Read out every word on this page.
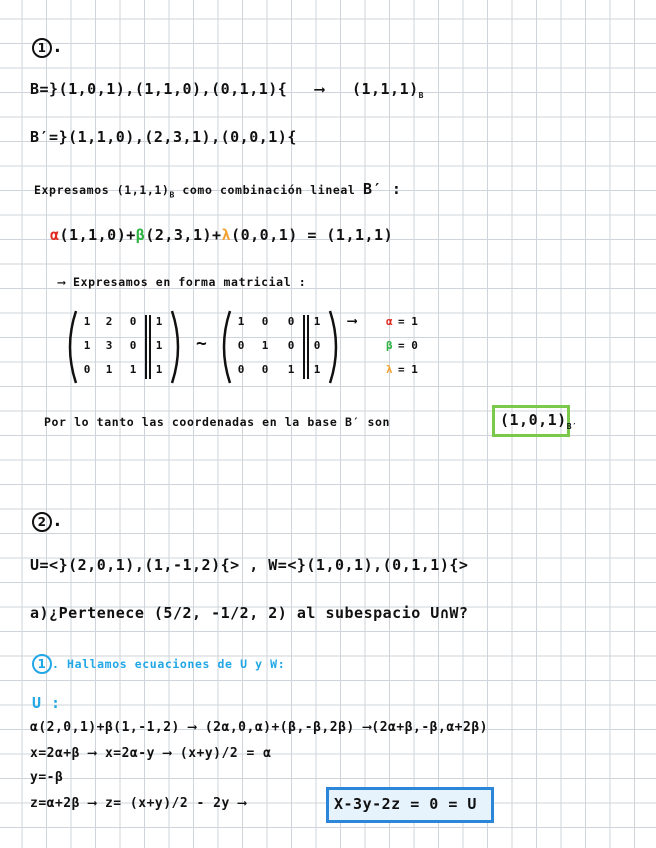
1 .
B=}(1,0,1),(1,1,0),(0,1,1){ ⟶ $(1,1,1)_B$
B′=}(1,1,0),(2,3,1),(0,0,1){
Expresamos $(1,1,1)_B$ como combinación lineal B′ :
α(1,1,0)+β(2,3,1)+λ(0,0,1) = (1,1,1)
⟶ Expresamos en forma matricial :
1	2	0	1
1	3	0	1
0	1	1	1
~
1	0	0	1
0	1	0	0
0	0	1	1
⟶	α = 1
β = 0
λ = 1
Por lo tanto las coordenadas en la base B′ son	$(1,0,1)_{B'}$
2 .
U=<}(2,0,1),(1,-1,2){> , W=<}(1,0,1),(0,1,1){>
a)¿Pertenece (5/2, -1/2, 2) al subespacio U∩W?
1 . Hallamos ecuaciones de U y W:
U :
α(2,0,1)+β(1,-1,2) ⟶ (2α,0,α)+(β,-β,2β) ⟶(2α+β,-β,α+2β)
x=2α+β ⟶ x=2α-y ⟶ (x+y)/2 = α
y=-β
z=α+2β ⟶ z= (x+y)/2 - 2y ⟶	X-3y-2z = 0 = U
